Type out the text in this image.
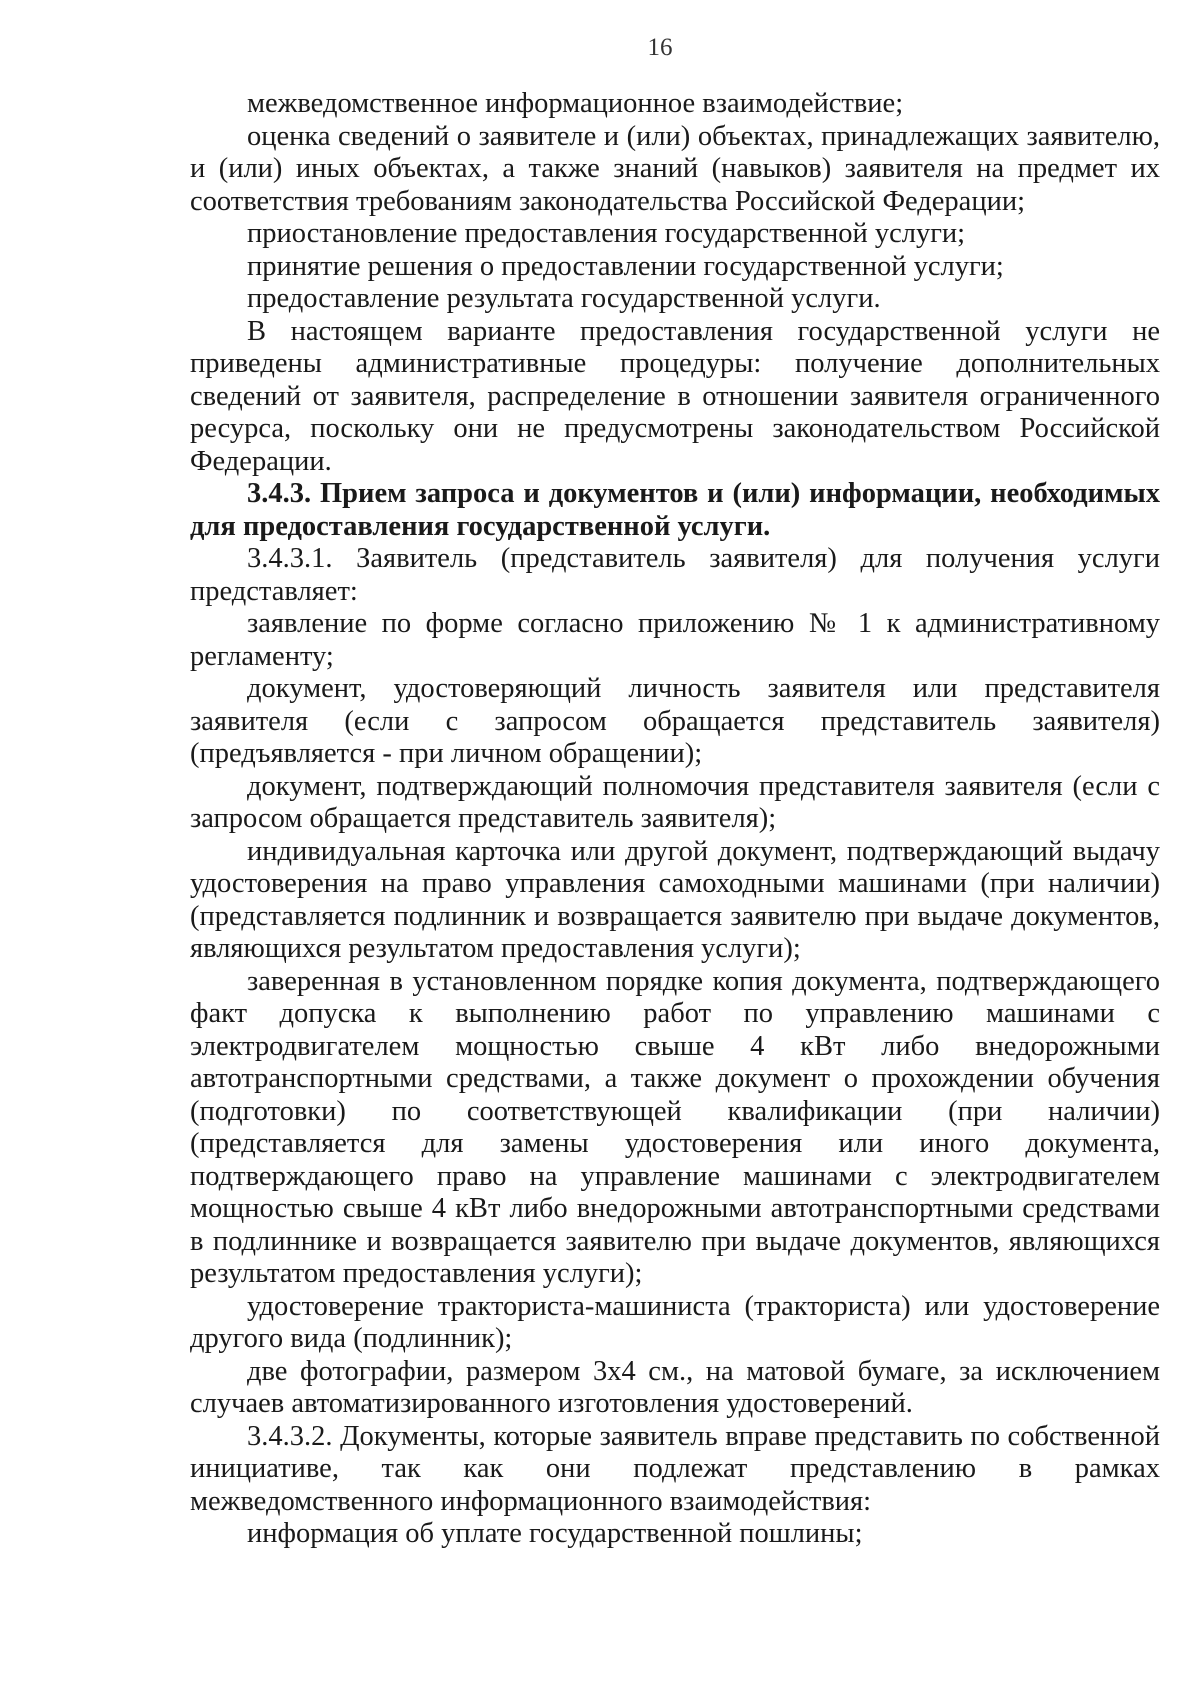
16

межведомственное информационное взаимодействие;

оценка сведений о заявителе и (или) объектах, принадлежащих заявителю, и (или) иных объектах, а также знаний (навыков) заявителя на предмет их соответствия требованиям законодательства Российской Федерации;

приостановление предоставления государственной услуги;

принятие решения о предоставлении государственной услуги;

предоставление результата государственной услуги.

В настоящем варианте предоставления государственной услуги не приведены административные процедуры: получение дополнительных сведений от заявителя, распределение в отношении заявителя ограниченного ресурса, поскольку они не предусмотрены законодательством Российской Федерации.

3.4.3. Прием запроса и документов и (или) информации, необходимых для предоставления государственной услуги.

3.4.3.1. Заявитель (представитель заявителя) для получения услуги представляет:

заявление по форме согласно приложению № 1 к административному регламенту;

документ, удостоверяющий личность заявителя или представителя заявителя (если с запросом обращается представитель заявителя) (предъявляется - при личном обращении);

документ, подтверждающий полномочия представителя заявителя (если с запросом обращается представитель заявителя);

индивидуальная карточка или другой документ, подтверждающий выдачу удостоверения на право управления самоходными машинами (при наличии) (представляется подлинник и возвращается заявителю при выдаче документов, являющихся результатом предоставления услуги);

заверенная в установленном порядке копия документа, подтверждающего факт допуска к выполнению работ по управлению машинами с электродвигателем мощностью свыше 4 кВт либо внедорожными автотранспортными средствами, а также документ о прохождении обучения (подготовки) по соответствующей квалификации (при наличии) (представляется для замены удостоверения или иного документа, подтверждающего право на управление машинами с электродвигателем мощностью свыше 4 кВт либо внедорожными автотранспортными средствами в подлиннике и возвращается заявителю при выдаче документов, являющихся результатом предоставления услуги);

удостоверение тракториста-машиниста (тракториста) или удостоверение другого вида (подлинник);

две фотографии, размером 3х4 см., на матовой бумаге, за исключением случаев автоматизированного изготовления удостоверений.

3.4.3.2. Документы, которые заявитель вправе представить по собственной инициативе, так как они подлежат представлению в рамках межведомственного информационного взаимодействия:

информация об уплате государственной пошлины;
